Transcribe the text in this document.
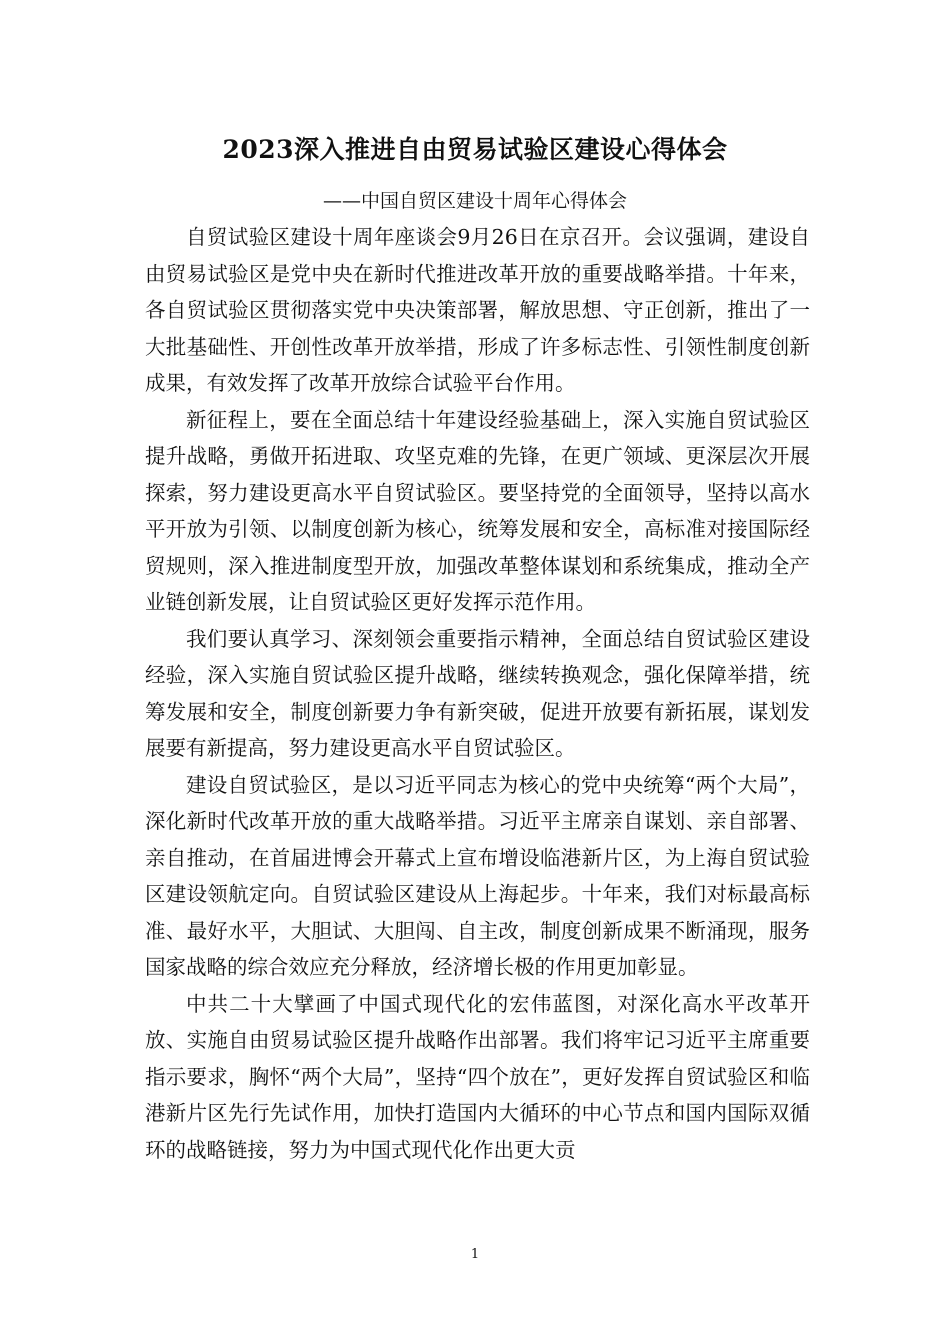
2023深入推进自由贸易试验区建设心得体会
——中国自贸区建设十周年心得体会

自贸试验区建设十周年座谈会9月26日在京召开。会议强调，建设自由贸易试验区是党中央在新时代推进改革开放的重要战略举措。十年来，各自贸试验区贯彻落实党中央决策部署，解放思想、守正创新，推出了一大批基础性、开创性改革开放举措，形成了许多标志性、引领性制度创新成果，有效发挥了改革开放综合试验平台作用。

新征程上，要在全面总结十年建设经验基础上，深入实施自贸试验区提升战略，勇做开拓进取、攻坚克难的先锋，在更广领域、更深层次开展探索，努力建设更高水平自贸试验区。要坚持党的全面领导，坚持以高水平开放为引领、以制度创新为核心，统筹发展和安全，高标准对接国际经贸规则，深入推进制度型开放，加强改革整体谋划和系统集成，推动全产业链创新发展，让自贸试验区更好发挥示范作用。

我们要认真学习、深刻领会重要指示精神，全面总结自贸试验区建设经验，深入实施自贸试验区提升战略，继续转换观念，强化保障举措，统筹发展和安全，制度创新要力争有新突破，促进开放要有新拓展，谋划发展要有新提高，努力建设更高水平自贸试验区。

建设自贸试验区，是以习近平同志为核心的党中央统筹“两个大局”，深化新时代改革开放的重大战略举措。习近平主席亲自谋划、亲自部署、亲自推动，在首届进博会开幕式上宣布增设临港新片区，为上海自贸试验区建设领航定向。自贸试验区建设从上海起步。十年来，我们对标最高标准、最好水平，大胆试、大胆闯、自主改，制度创新成果不断涌现，服务国家战略的综合效应充分释放，经济增长极的作用更加彰显。

中共二十大擘画了中国式现代化的宏伟蓝图，对深化高水平改革开放、实施自由贸易试验区提升战略作出部署。我们将牢记习近平主席重要指示要求，胸怀“两个大局”，坚持“四个放在”，更好发挥自贸试验区和临港新片区先行先试作用，加快打造国内大循环的中心节点和国内国际双循环的战略链接，努力为中国式现代化作出更大贡

1
